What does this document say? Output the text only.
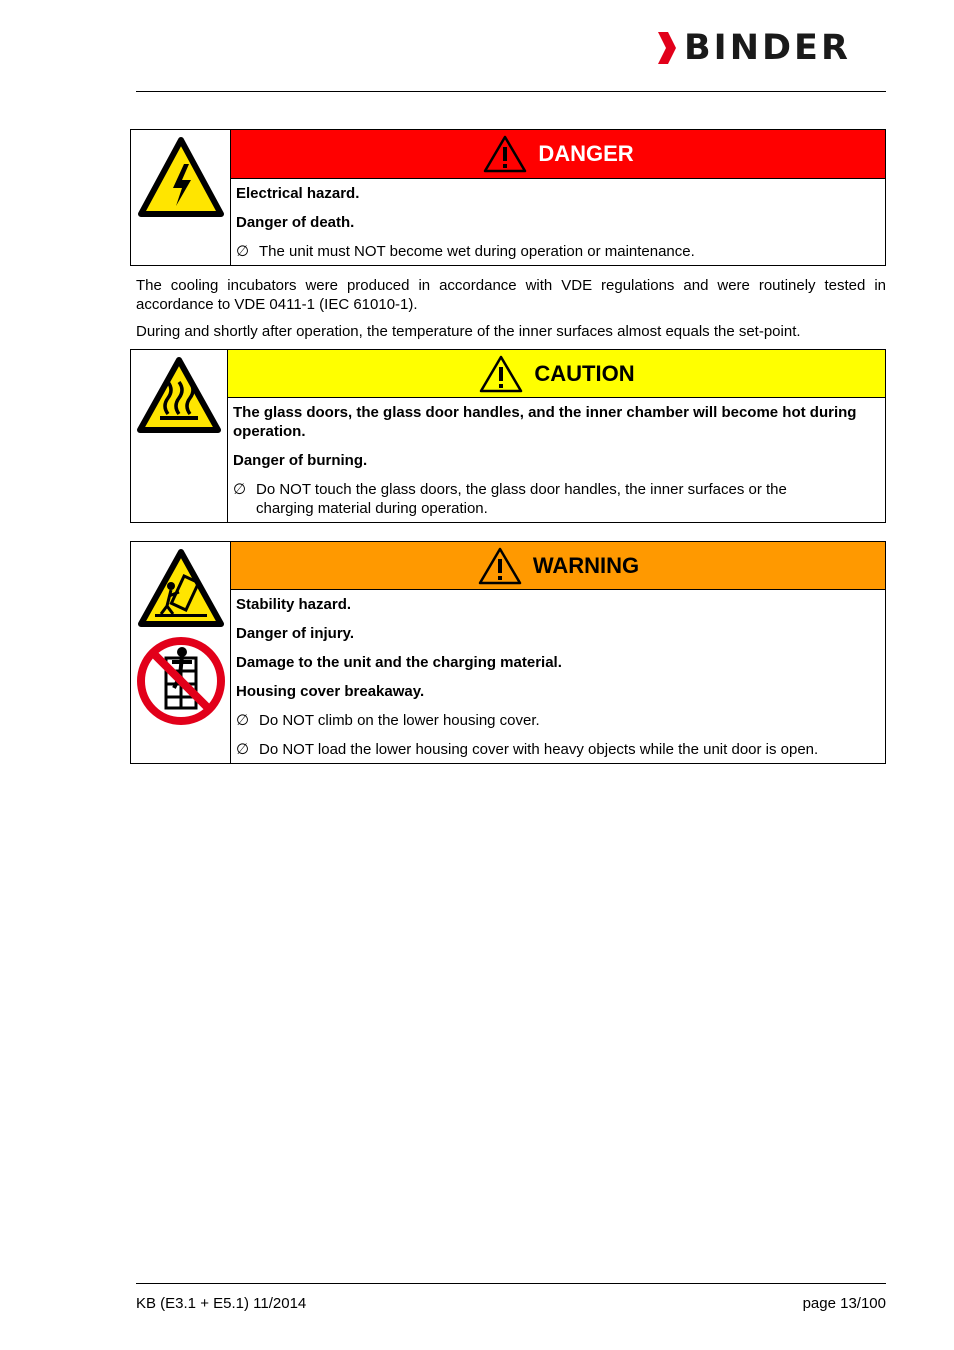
BINDER
DANGER
Electrical hazard.
Danger of death.
∅ The unit must NOT become wet during operation or maintenance.
The cooling incubators were produced in accordance with VDE regulations and were routinely tested in accordance to VDE 0411-1 (IEC 61010-1).
During and shortly after operation, the temperature of the inner surfaces almost equals the set-point.
CAUTION
The glass doors, the glass door handles, and the inner chamber will become hot during operation.
Danger of burning.
∅ Do NOT touch the glass doors, the glass door handles, the inner surfaces or the charging material during operation.
WARNING
Stability hazard.
Danger of injury.
Damage to the unit and the charging material.
Housing cover breakaway.
∅ Do NOT climb on the lower housing cover.
∅ Do NOT load the lower housing cover with heavy objects while the unit door is open.
KB (E3.1 + E5.1) 11/2014	page 13/100
